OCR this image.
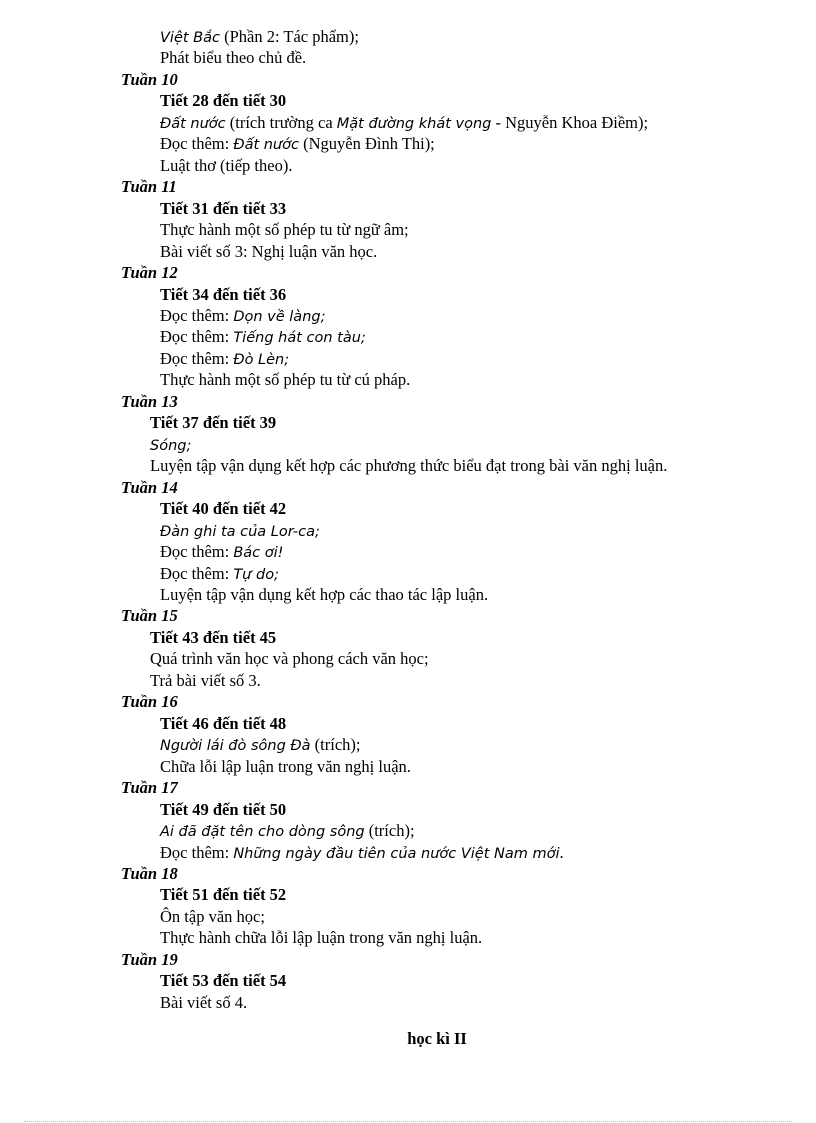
Việt Bắc (Phần 2: Tác phẩm);
Phát biểu theo chủ đề.
Tuần 10
Tiết 28 đến tiết 30
Đất nước (trích trường ca Mặt đường khát vọng - Nguyễn Khoa Điềm);
Đọc thêm: Đất nước (Nguyễn Đình Thi);
Luật thơ (tiếp theo).
Tuần 11
Tiết 31 đến tiết 33
Thực hành một số phép tu từ ngữ âm;
Bài viết số 3: Nghị luận văn học.
Tuần 12
Tiết 34 đến tiết 36
Đọc thêm: Dọn về làng;
Đọc thêm: Tiếng hát con tàu;
Đọc thêm: Đò Lèn;
Thực hành một số phép tu từ cú pháp.
Tuần 13
Tiết 37 đến tiết 39
Sóng;
Luyện tập vận dụng kết hợp các phương thức biểu đạt trong bài văn nghị luận.
Tuần 14
Tiết 40 đến tiết 42
Đàn ghi ta của Lor-ca;
Đọc thêm: Bác ơi!
Đọc thêm: Tự do;
Luyện tập vận dụng kết hợp các thao tác lập luận.
Tuần 15
Tiết 43 đến tiết 45
Quá trình văn học và phong cách văn học;
Trả bài viết số 3.
Tuần 16
Tiết 46 đến tiết 48
Người lái đò sông Đà (trích);
Chữa lỗi lập luận trong văn nghị luận.
Tuần 17
Tiết 49 đến tiết 50
Ai đã đặt tên cho dòng sông (trích);
Đọc thêm: Những ngày đầu tiên của nước Việt Nam mới.
Tuần 18
Tiết 51 đến tiết 52
Ôn tập văn học;
Thực hành chữa lỗi lập luận trong văn nghị luận.
Tuần 19
Tiết 53 đến tiết 54
Bài viết số 4.
học kì II
